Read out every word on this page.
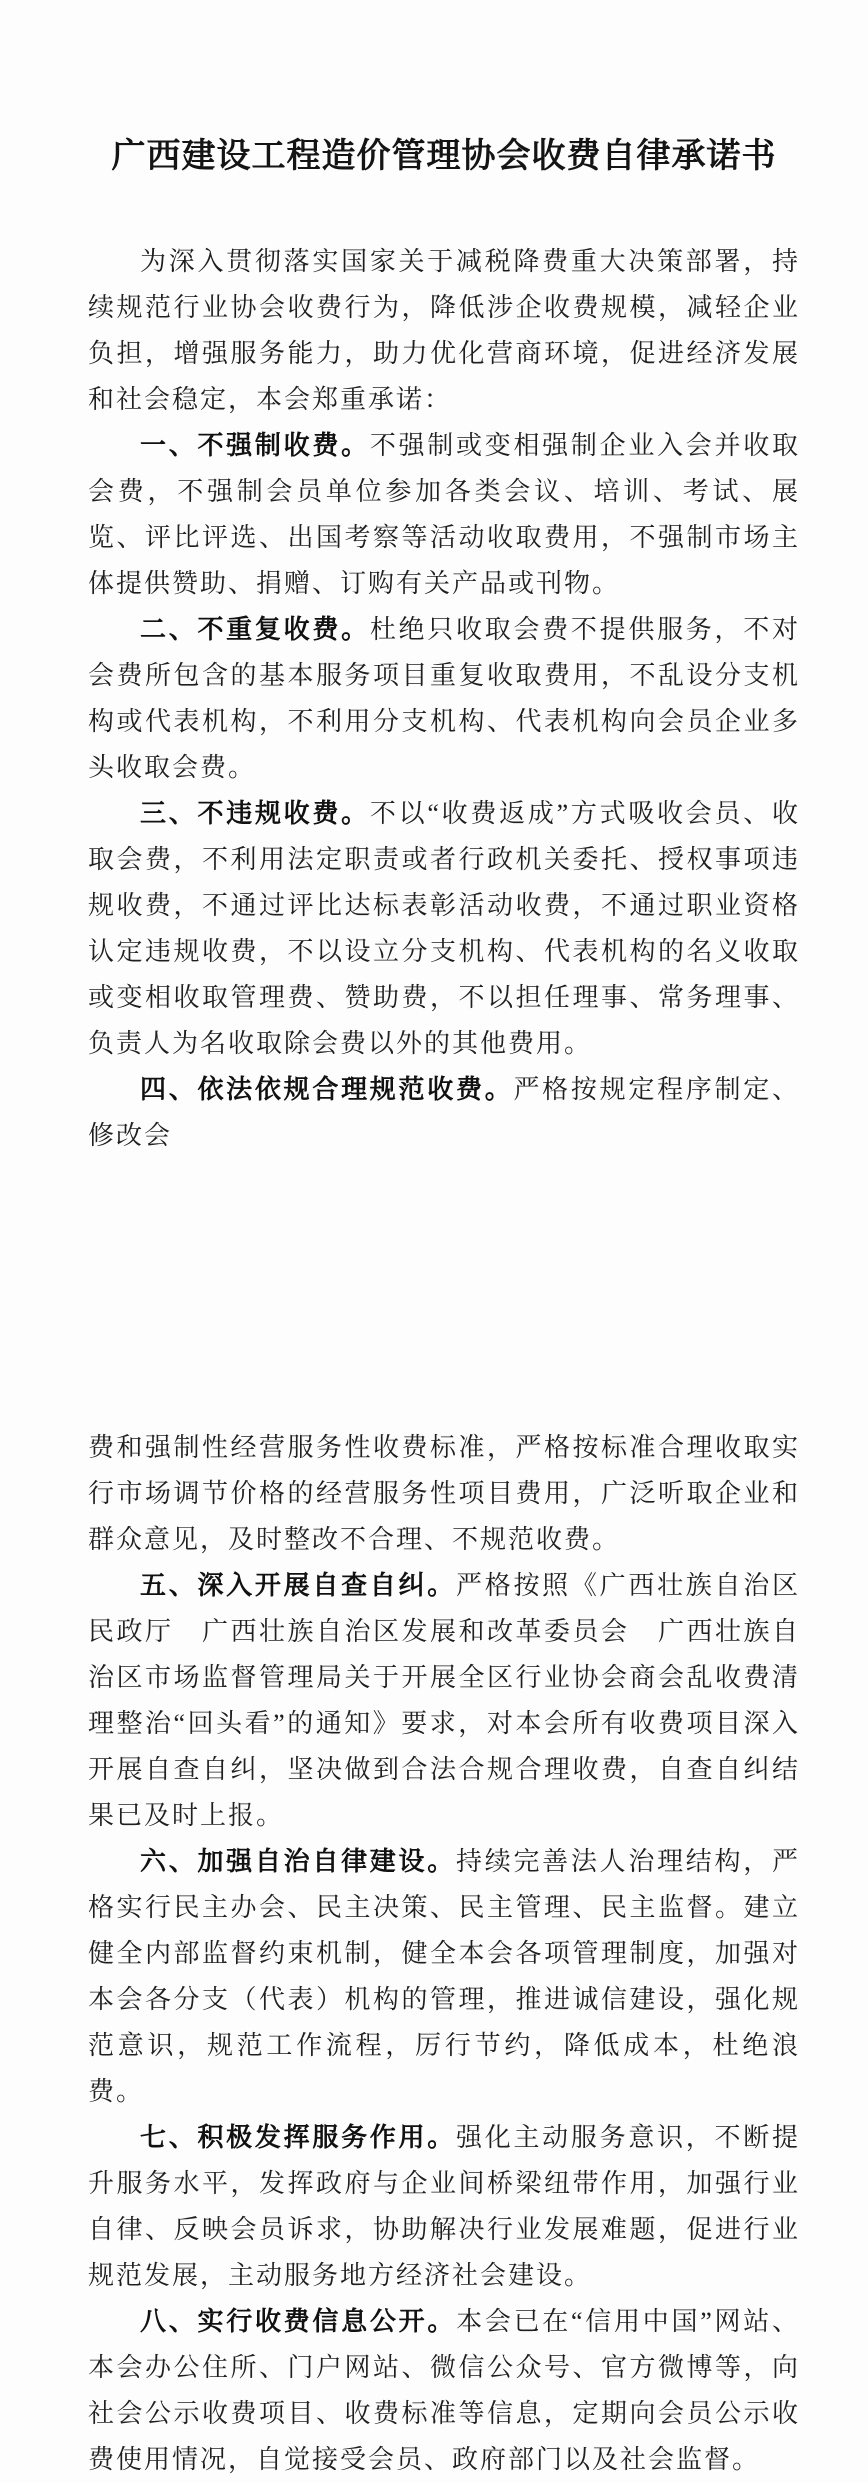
广西建设工程造价管理协会收费自律承诺书

为深入贯彻落实国家关于减税降费重大决策部署，持续规范行业协会收费行为，降低涉企收费规模，减轻企业负担，增强服务能力，助力优化营商环境，促进经济发展和社会稳定，本会郑重承诺：

一、不强制收费。不强制或变相强制企业入会并收取会费，不强制会员单位参加各类会议、培训、考试、展览、评比评选、出国考察等活动收取费用，不强制市场主体提供赞助、捐赠、订购有关产品或刊物。

二、不重复收费。杜绝只收取会费不提供服务，不对会费所包含的基本服务项目重复收取费用，不乱设分支机构或代表机构，不利用分支机构、代表机构向会员企业多头收取会费。

三、不违规收费。不以“收费返成”方式吸收会员、收取会费，不利用法定职责或者行政机关委托、授权事项违规收费，不通过评比达标表彰活动收费，不通过职业资格认定违规收费，不以设立分支机构、代表机构的名义收取或变相收取管理费、赞助费，不以担任理事、常务理事、负责人为名收取除会费以外的其他费用。

四、依法依规合理规范收费。严格按规定程序制定、修改会

费和强制性经营服务性收费标准，严格按标准合理收取实行市场调节价格的经营服务性项目费用，广泛听取企业和群众意见，及时整改不合理、不规范收费。

五、深入开展自查自纠。严格按照《广西壮族自治区民政厅　广西壮族自治区发展和改革委员会　广西壮族自治区市场监督管理局关于开展全区行业协会商会乱收费清理整治“回头看”的通知》要求，对本会所有收费项目深入开展自查自纠，坚决做到合法合规合理收费，自查自纠结果已及时上报。

六、加强自治自律建设。持续完善法人治理结构，严格实行民主办会、民主决策、民主管理、民主监督。建立健全内部监督约束机制，健全本会各项管理制度，加强对本会各分支（代表）机构的管理，推进诚信建设，强化规范意识，规范工作流程，厉行节约，降低成本，杜绝浪费。

七、积极发挥服务作用。强化主动服务意识，不断提升服务水平，发挥政府与企业间桥梁纽带作用，加强行业自律、反映会员诉求，协助解决行业发展难题，促进行业规范发展，主动服务地方经济社会建设。

八、实行收费信息公开。本会已在“信用中国”网站、本会办公住所、门户网站、微信公众号、官方微博等，向社会公示收费项目、收费标准等信息，定期向会员公示收费使用情况，自觉接受会员、政府部门以及社会监督。
